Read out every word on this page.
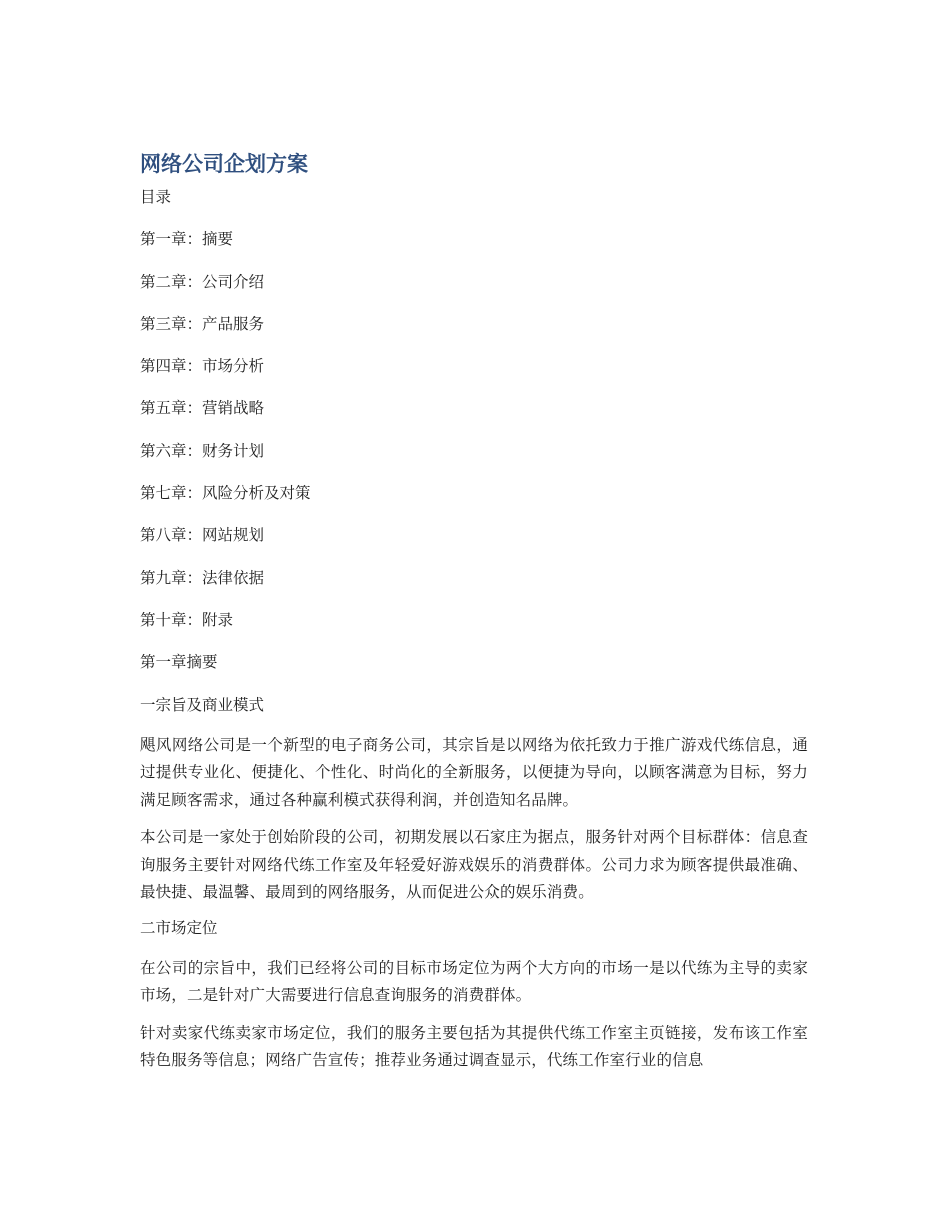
网络公司企划方案
目录
第一章：摘要
第二章：公司介绍
第三章：产品服务
第四章：市场分析
第五章：营销战略
第六章：财务计划
第七章：风险分析及对策
第八章：网站规划
第九章：法律依据
第十章：附录
第一章摘要
一宗旨及商业模式

飓风网络公司是一个新型的电子商务公司，其宗旨是以网络为依托致力于推广游戏代练信息，通过提供专业化、便捷化、个性化、时尚化的全新服务，以便捷为导向，以顾客满意为目标，努力满足顾客需求，通过各种赢利模式获得利润，并创造知名品牌。

本公司是一家处于创始阶段的公司，初期发展以石家庄为据点，服务针对两个目标群体：信息查询服务主要针对网络代练工作室及年轻爱好游戏娱乐的消费群体。公司力求为顾客提供最准确、最快捷、最温馨、最周到的网络服务，从而促进公众的娱乐消费。

二市场定位

在公司的宗旨中，我们已经将公司的目标市场定位为两个大方向的市场一是以代练为主导的卖家市场，二是针对广大需要进行信息查询服务的消费群体。

针对卖家代练卖家市场定位，我们的服务主要包括为其提供代练工作室主页链接，发布该工作室特色服务等信息；网络广告宣传；推荐业务通过调查显示，代练工作室行业的信息
